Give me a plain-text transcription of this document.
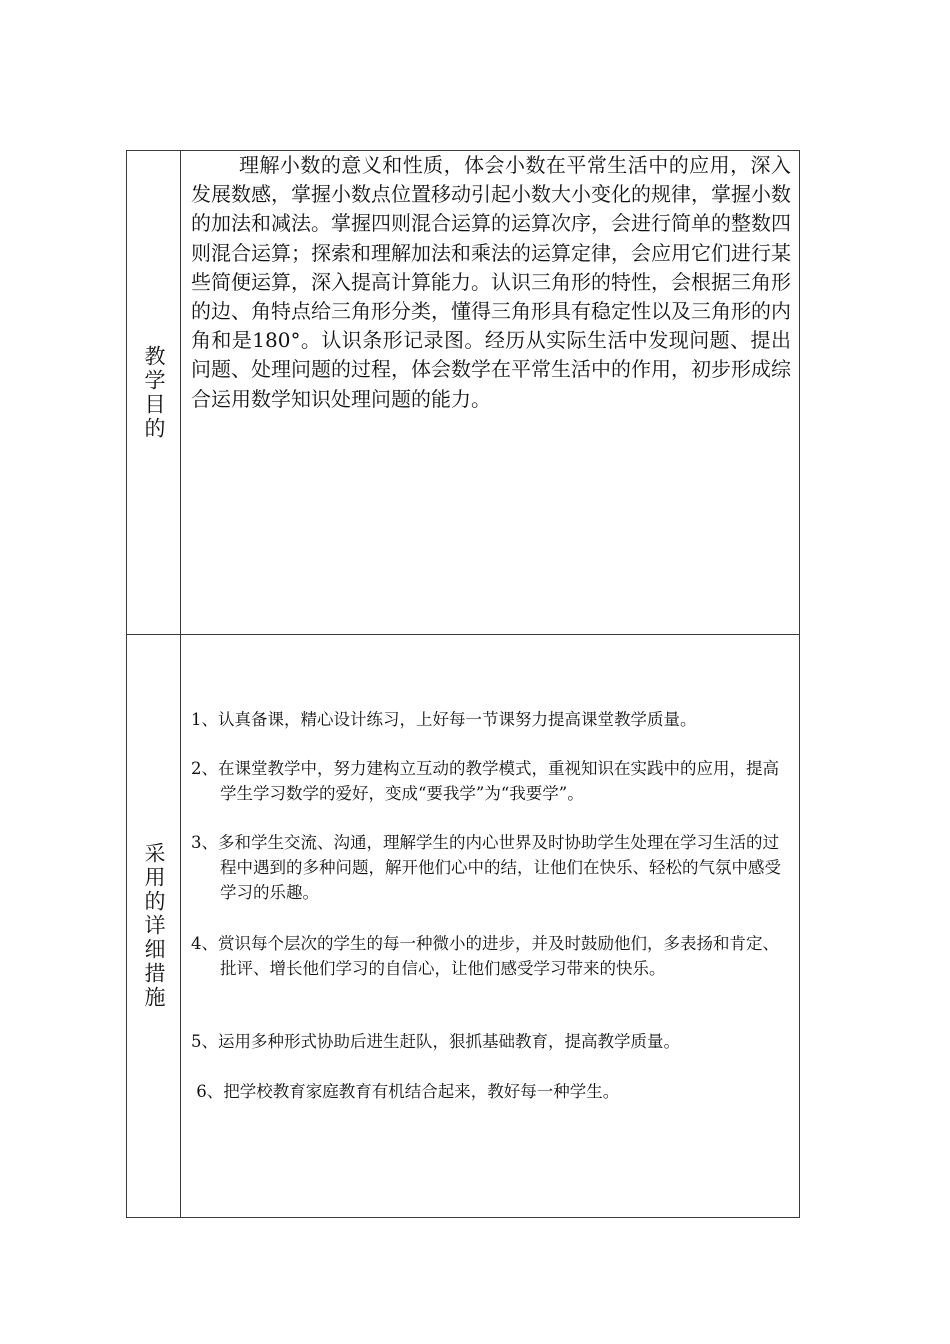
教学目的

理解小数的意义和性质，体会小数在平常生活中的应用，深入发展数感，掌握小数点位置移动引起小数大小变化的规律，掌握小数的加法和减法。掌握四则混合运算的运算次序，会进行简单的整数四则混合运算；探索和理解加法和乘法的运算定律，会应用它们进行某些简便运算，深入提高计算能力。认识三角形的特性，会根据三角形的边、角特点给三角形分类，懂得三角形具有稳定性以及三角形的内角和是180°。认识条形记录图。经历从实际生活中发现问题、提出问题、处理问题的过程，体会数学在平常生活中的作用，初步形成综合运用数学知识处理问题的能力。

采用的详细措施

1、认真备课，精心设计练习，上好每一节课努力提高课堂教学质量。

2、在课堂教学中，努力建构立互动的教学模式，重视知识在实践中的应用，提高学生学习数学的爱好，变成“要我学”为“我要学”。

3、多和学生交流、沟通，理解学生的内心世界及时协助学生处理在学习生活的过程中遇到的多种问题，解开他们心中的结，让他们在快乐、轻松的气氛中感受学习的乐趣。

4、赏识每个层次的学生的每一种微小的进步，并及时鼓励他们，多表扬和肯定、批评、增长他们学习的自信心，让他们感受学习带来的快乐。

5、运用多种形式协助后进生赶队，狠抓基础教育，提高教学质量。

6、把学校教育家庭教育有机结合起来，教好每一种学生。
